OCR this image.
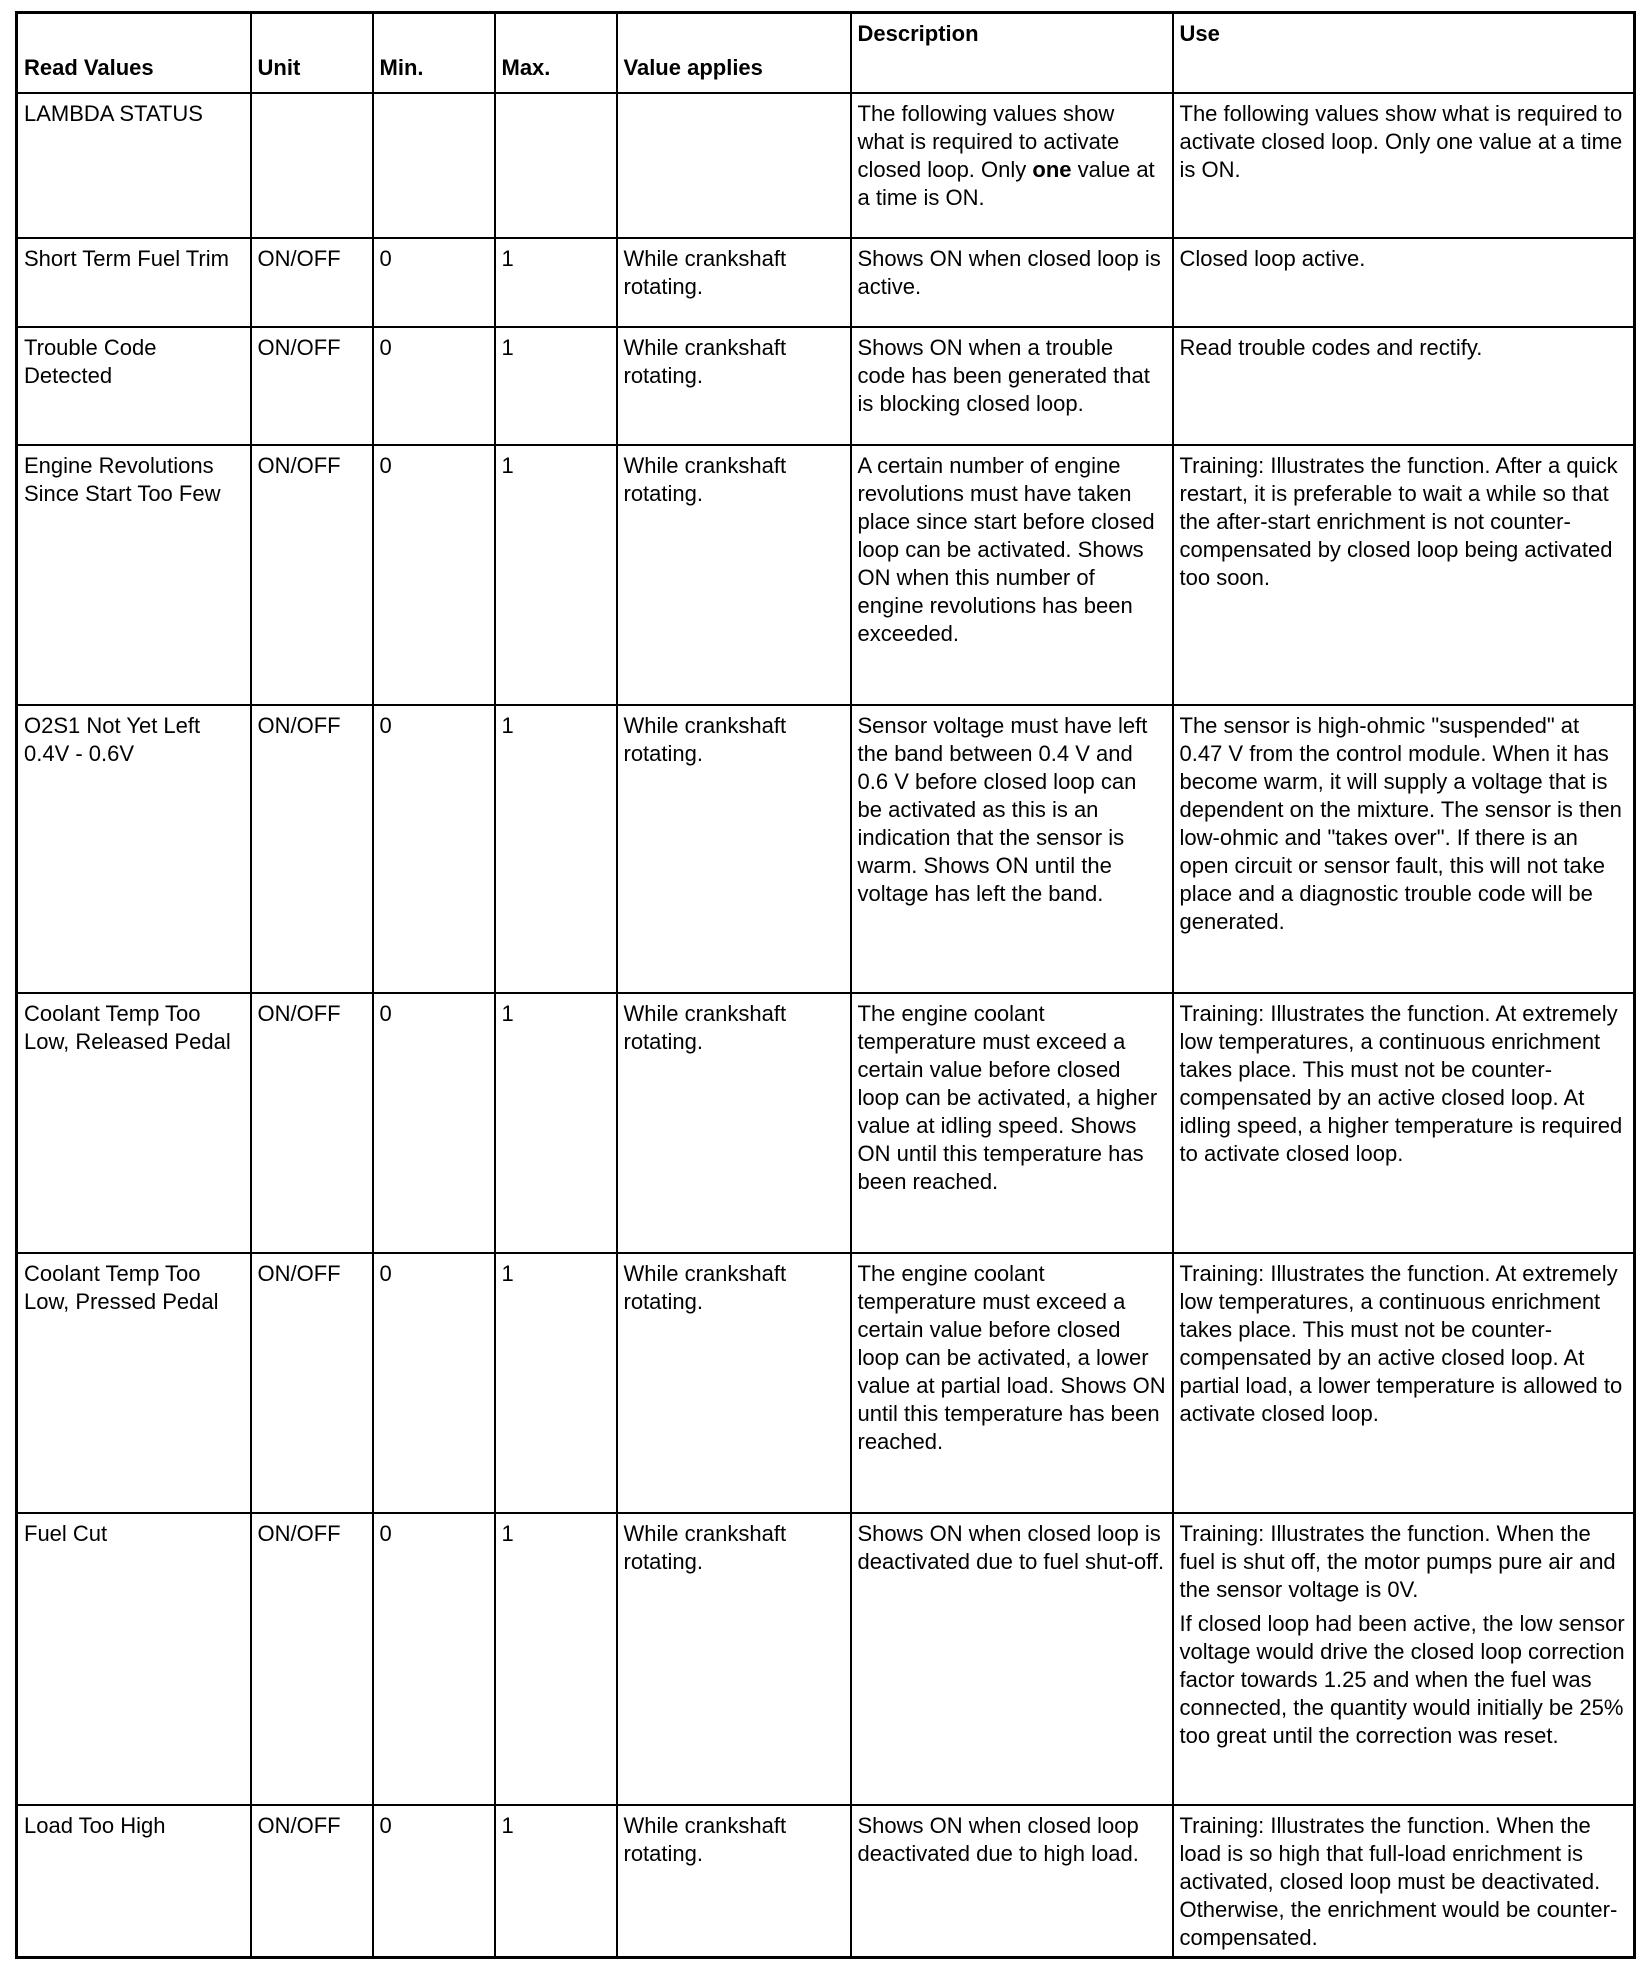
Read Values	Unit	Min.	Max.	Value applies	Description	Use
LAMBDA STATUS					The following values show what is required to activate closed loop. Only one value at a time is ON.	The following values show what is required to activate closed loop. Only one value at a time is ON.
Short Term Fuel Trim	ON/OFF	0	1	While crankshaft rotating.	Shows ON when closed loop is active.	Closed loop active.
Trouble Code Detected	ON/OFF	0	1	While crankshaft rotating.	Shows ON when a trouble code has been generated that is blocking closed loop.	Read trouble codes and rectify.
Engine Revolutions Since Start Too Few	ON/OFF	0	1	While crankshaft rotating.	A certain number of engine revolutions must have taken place since start before closed loop can be activated. Shows ON when this number of engine revolutions has been exceeded.	Training: Illustrates the function. After a quick restart, it is preferable to wait a while so that the after-start enrichment is not counter-compensated by closed loop being activated too soon.
O2S1 Not Yet Left 0.4V - 0.6V	ON/OFF	0	1	While crankshaft rotating.	Sensor voltage must have left the band between 0.4 V and 0.6 V before closed loop can be activated as this is an indication that the sensor is warm. Shows ON until the voltage has left the band.	The sensor is high-ohmic "suspended" at 0.47 V from the control module. When it has become warm, it will supply a voltage that is dependent on the mixture. The sensor is then low-ohmic and "takes over". If there is an open circuit or sensor fault, this will not take place and a diagnostic trouble code will be generated.
Coolant Temp Too Low, Released Pedal	ON/OFF	0	1	While crankshaft rotating.	The engine coolant temperature must exceed a certain value before closed loop can be activated, a higher value at idling speed. Shows ON until this temperature has been reached.	Training: Illustrates the function. At extremely low temperatures, a continuous enrichment takes place. This must not be counter-compensated by an active closed loop. At idling speed, a higher temperature is required to activate closed loop.
Coolant Temp Too Low, Pressed Pedal	ON/OFF	0	1	While crankshaft rotating.	The engine coolant temperature must exceed a certain value before closed loop can be activated, a lower value at partial load. Shows ON until this temperature has been reached.	Training: Illustrates the function. At extremely low temperatures, a continuous enrichment takes place. This must not be counter-compensated by an active closed loop. At partial load, a lower temperature is allowed to activate closed loop.
Fuel Cut	ON/OFF	0	1	While crankshaft rotating.	Shows ON when closed loop is deactivated due to fuel shut-off.	Training: Illustrates the function. When the fuel is shut off, the motor pumps pure air and the sensor voltage is 0V.
If closed loop had been active, the low sensor voltage would drive the closed loop correction factor towards 1.25 and when the fuel was connected, the quantity would initially be 25% too great until the correction was reset.

Load Too High	ON/OFF	0	1	While crankshaft rotating.	Shows ON when closed loop deactivated due to high load.	Training: Illustrates the function. When the load is so high that full-load enrichment is activated, closed loop must be deactivated. Otherwise, the enrichment would be counter-compensated.
